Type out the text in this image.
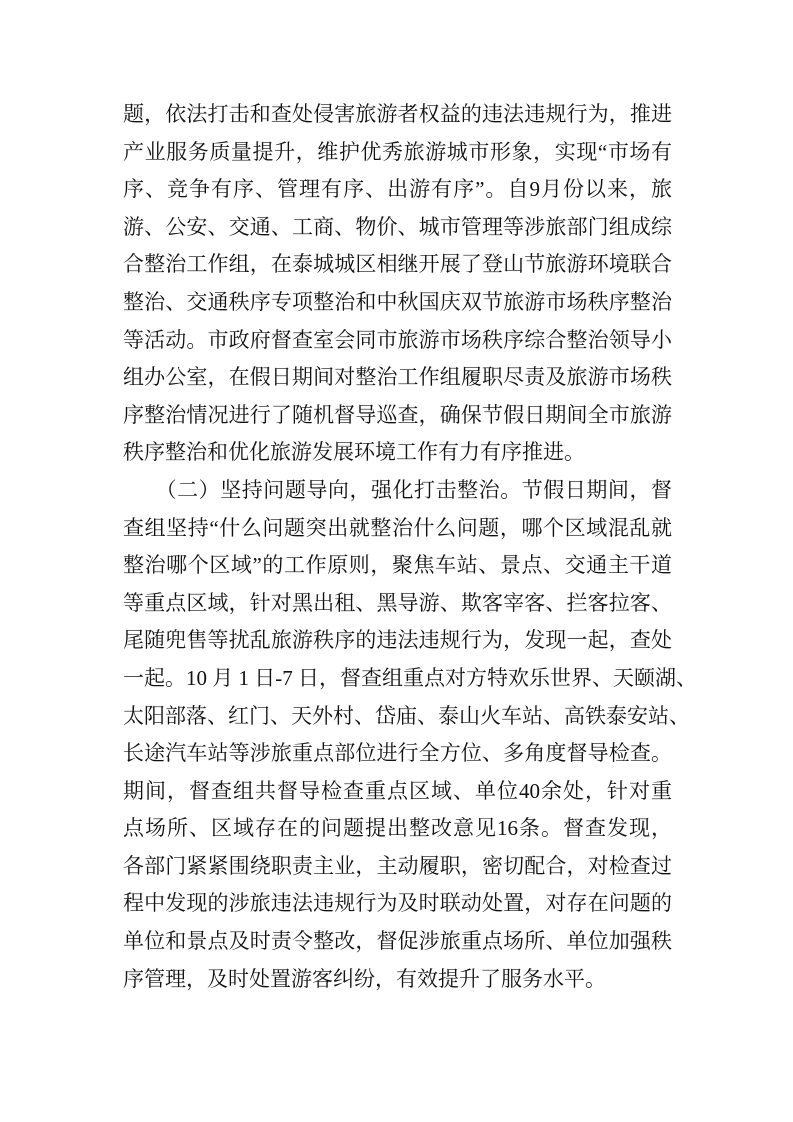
题，依法打击和查处侵害旅游者权益的违法违规行为，推进
产业服务质量提升，维护优秀旅游城市形象，实现“市场有
序、竞争有序、管理有序、出游有序”。自9月份以来，旅
游、公安、交通、工商、物价、城市管理等涉旅部门组成综
合整治工作组，在泰城城区相继开展了登山节旅游环境联合
整治、交通秩序专项整治和中秋国庆双节旅游市场秩序整治
等活动。市政府督查室会同市旅游市场秩序综合整治领导小
组办公室，在假日期间对整治工作组履职尽责及旅游市场秩
序整治情况进行了随机督导巡查，确保节假日期间全市旅游
秩序整治和优化旅游发展环境工作有力有序推进。
　　（二）坚持问题导向，强化打击整治。节假日期间，督
查组坚持“什么问题突出就整治什么问题，哪个区域混乱就
整治哪个区域”的工作原则，聚焦车站、景点、交通主干道
等重点区域，针对黑出租、黑导游、欺客宰客、拦客拉客、
尾随兜售等扰乱旅游秩序的违法违规行为，发现一起，查处
一起。10 月 1 日-7 日，督查组重点对方特欢乐世界、天颐湖、
太阳部落、红门、天外村、岱庙、泰山火车站、高铁泰安站、
长途汽车站等涉旅重点部位进行全方位、多角度督导检查。
期间，督查组共督导检查重点区域、单位40余处，针对重
点场所、区域存在的问题提出整改意见16条。督查发现，
各部门紧紧围绕职责主业，主动履职，密切配合，对检查过
程中发现的涉旅违法违规行为及时联动处置，对存在问题的
单位和景点及时责令整改，督促涉旅重点场所、单位加强秩
序管理，及时处置游客纠纷，有效提升了服务水平。
